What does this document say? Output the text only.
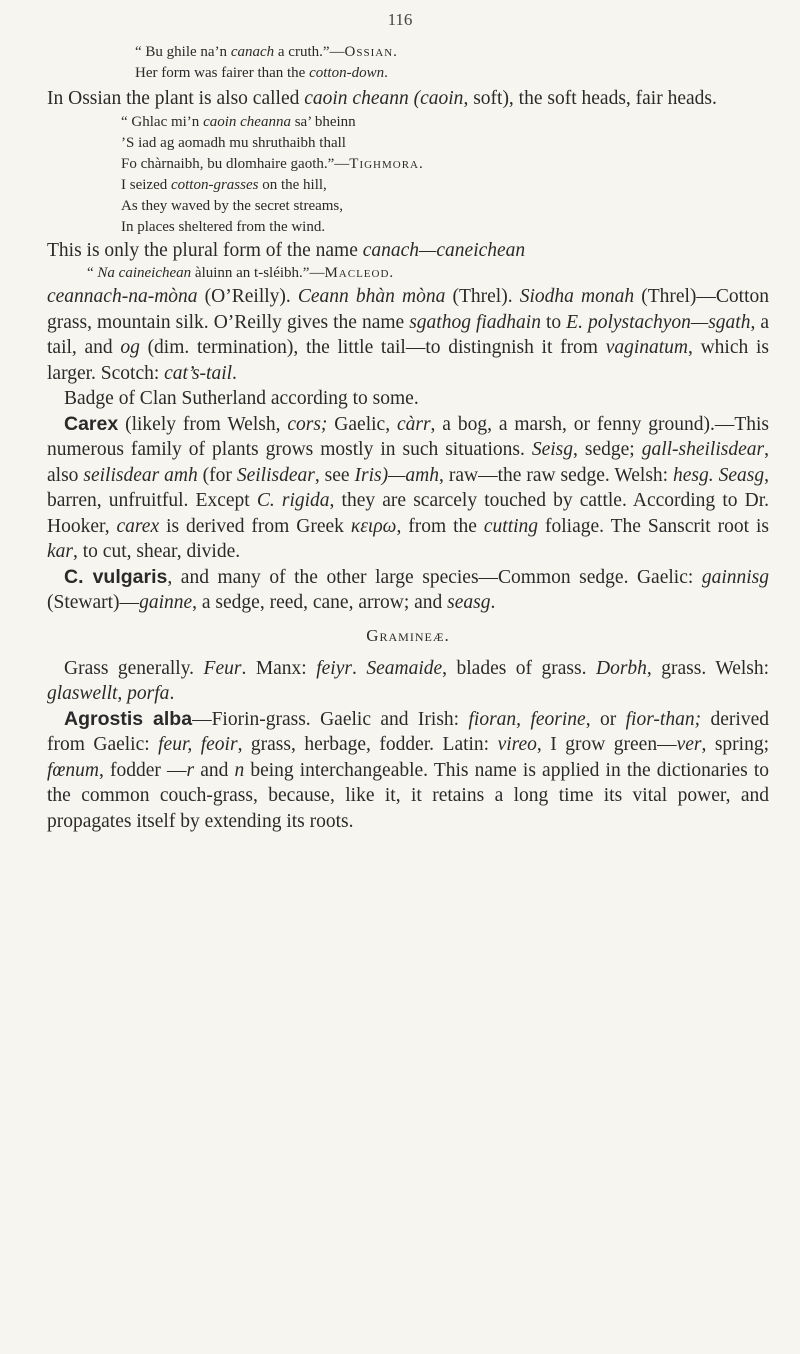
116
“ Bu ghile na’n canach a cruth.”—Ossian.
Her form was fairer than the cotton-down.

In Ossian the plant is also called caoin cheann (caoin, soft), the soft heads, fair heads.

“ Ghlac mi’n caoin cheanna sa’ bheinn
’S iad ag aomadh mu shruthaibh thall
Fo chàrnaibh, bu dlomhaire gaoth.”—Tighmora.
I seized cotton-grasses on the hill,
As they waved by the secret streams,
In places sheltered from the wind.

This is only the plural form of the name canach—caneichean

“ Na caineichean àluinn an t-sléibh.”—Macleod.

ceannach-na-mòna (O’Reilly). Ceann bhàn mòna (Threl). Siodha monah (Threl)—Cotton grass, mountain silk. O’Reilly gives the name sgathog fiadhain to E. polystachyon—sgath, a tail, and og (dim. termination), the little tail—to distingnish it from vaginatum, which is larger. Scotch: cat’s-tail.

Badge of Clan Sutherland according to some.

Carex (likely from Welsh, cors; Gaelic, càrr, a bog, a marsh, or fenny ground).—This numerous family of plants grows mostly in such situations. Seisg, sedge; gall-sheilisdear, also seilisdear amh (for Seilisdear, see Iris)—amh, raw—the raw sedge. Welsh: hesg. Seasg, barren, unfruitful. Except C. rigida, they are scarcely touched by cattle. According to Dr. Hooker, carex is derived from Greek κειρω, from the cutting foliage. The Sanscrit root is kar, to cut, shear, divide.

C. vulgaris, and many of the other large species—Common sedge. Gaelic: gainnisg (Stewart)—gainne, a sedge, reed, cane, arrow; and seasg.

Gramineæ.

Grass generally. Feur. Manx: feiyr. Seamaide, blades of grass. Dorbh, grass. Welsh: glaswellt, porfa.

Agrostis alba—Fiorin-grass. Gaelic and Irish: fioran, feorine, or fior-than; derived from Gaelic: feur, feoir, grass, herbage, fodder. Latin: vireo, I grow green—ver, spring; fœnum, fodder —r and n being interchangeable. This name is applied in the dictionaries to the common couch-grass, because, like it, it retains a long time its vital power, and propagates itself by extending its roots.
